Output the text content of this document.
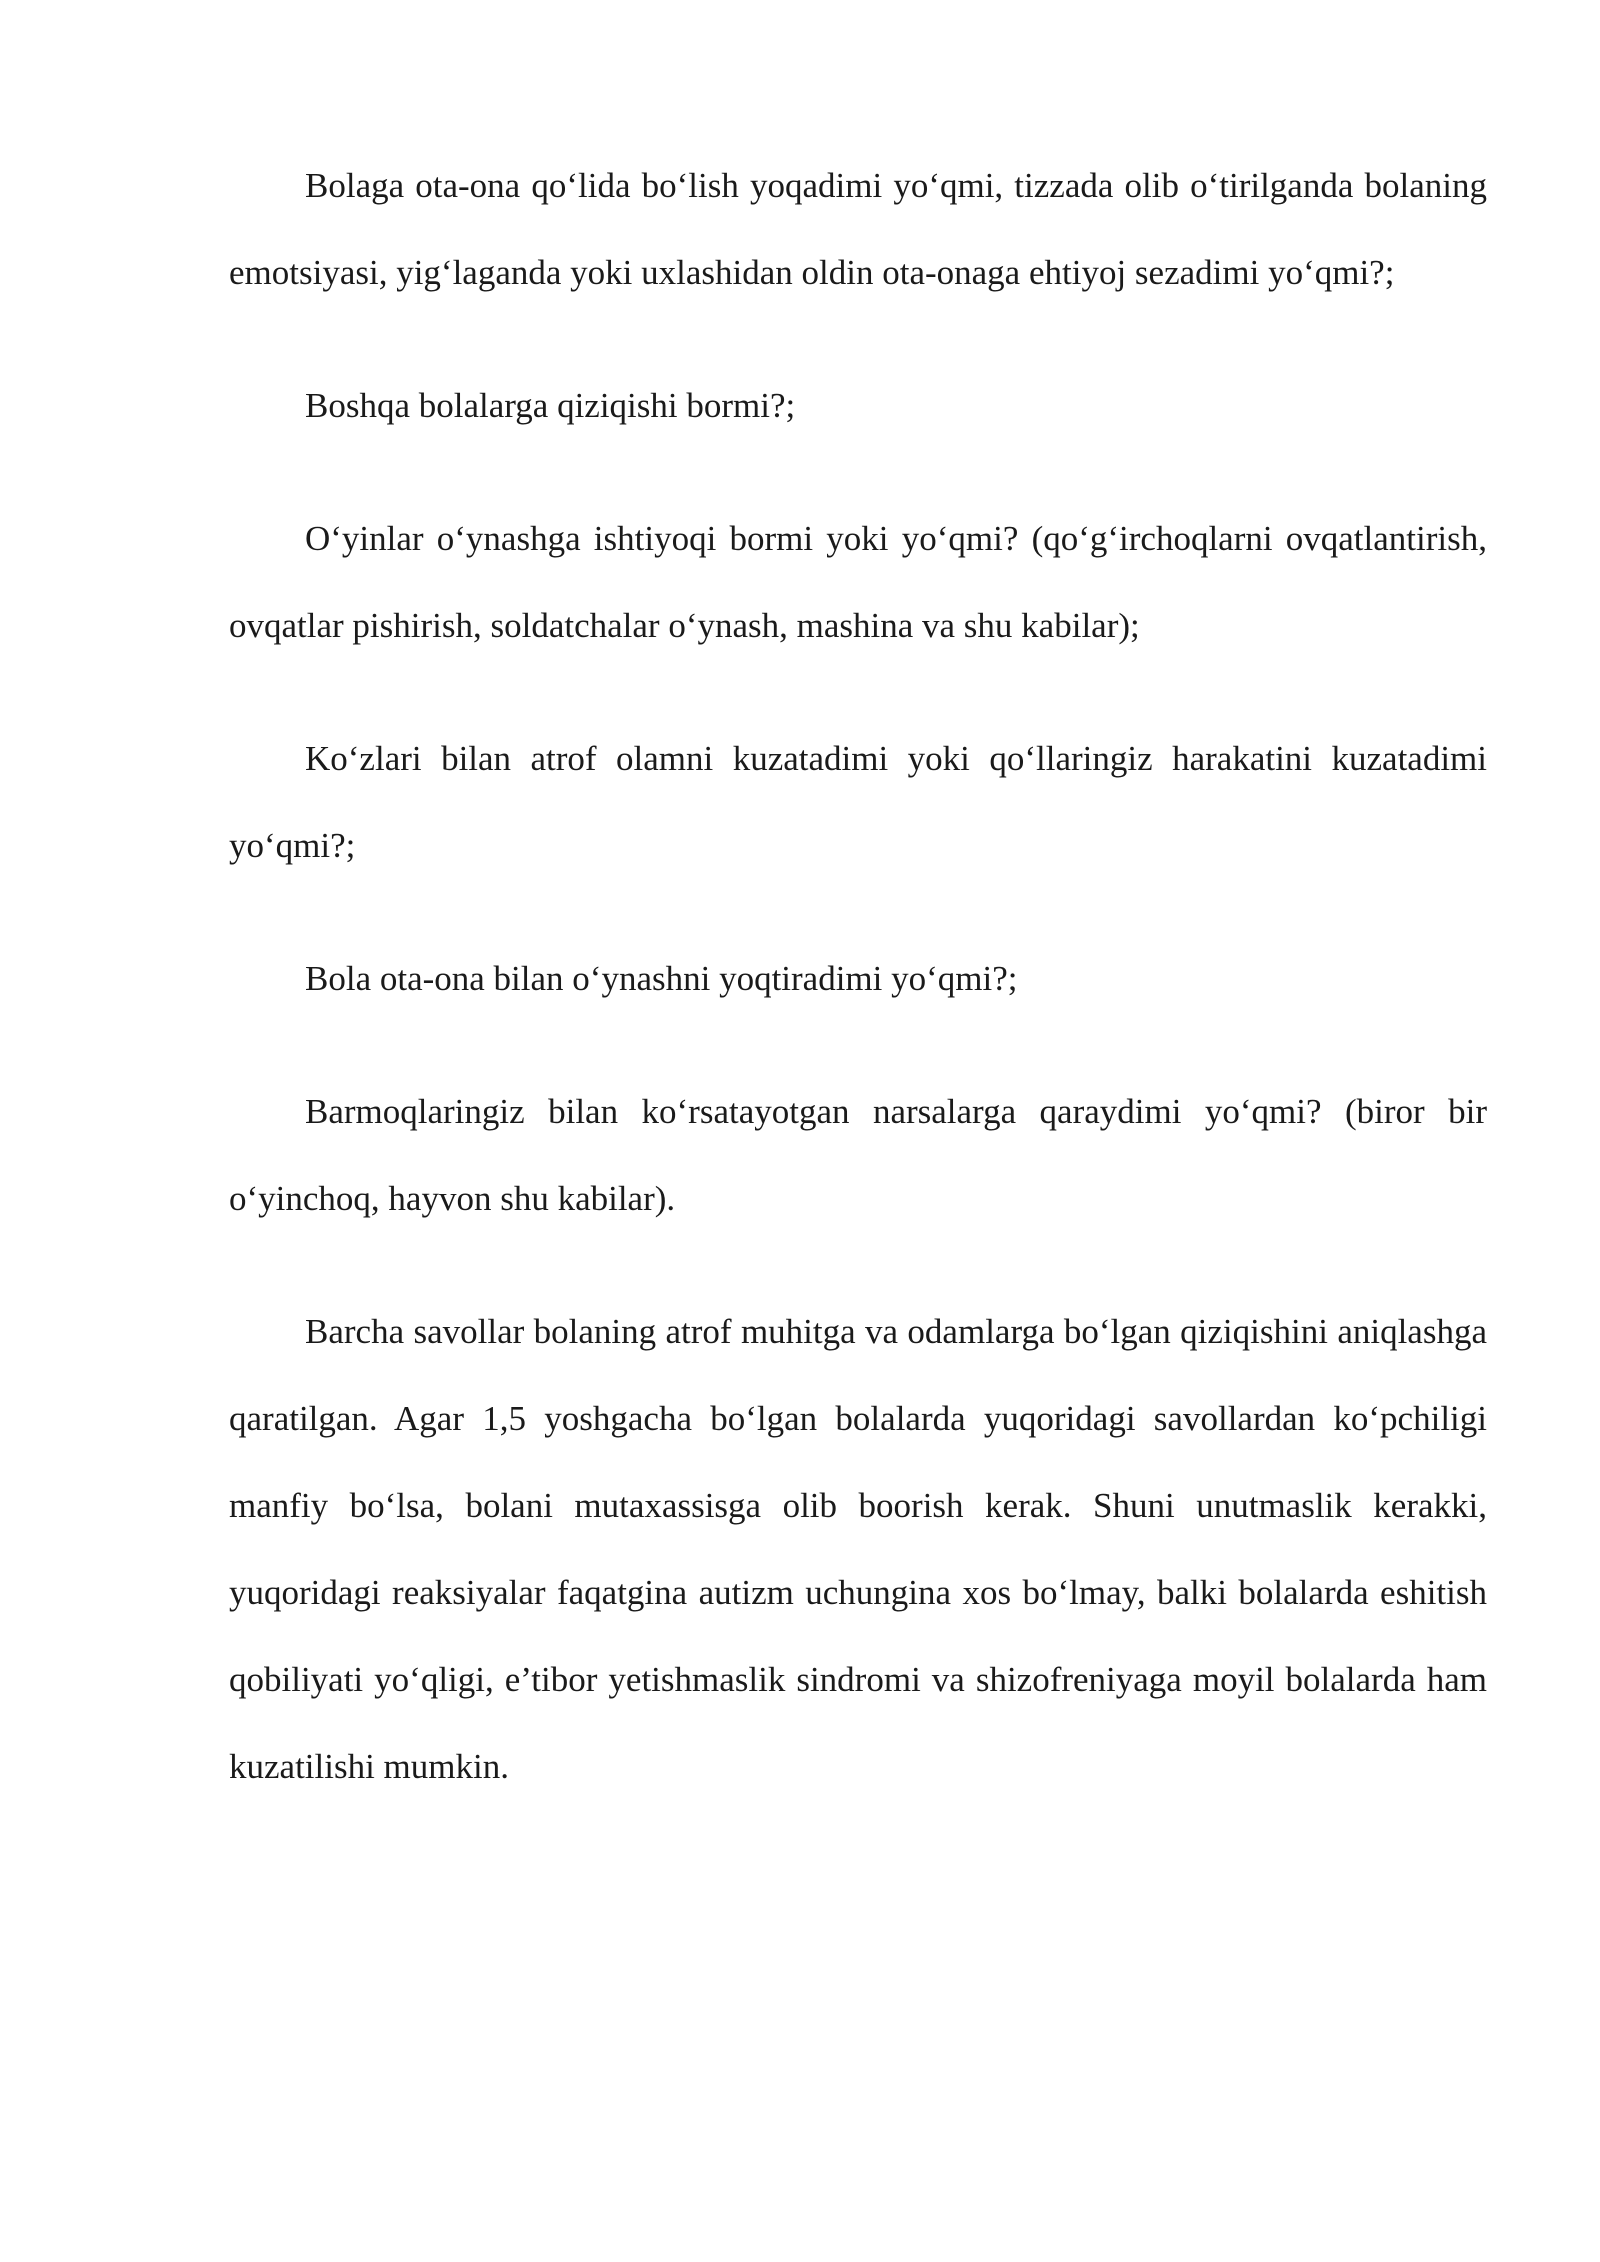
Bolaga ota-ona qo‘lida bo‘lish yoqadimi yo‘qmi, tizzada olib o‘tirilganda bolaning emotsiyasi, yig‘laganda yoki uxlashidan oldin ota-onaga ehtiyoj sezadimi yo‘qmi?;

Boshqa bolalarga qiziqishi bormi?;

O‘yinlar o‘ynashga ishtiyoqi bormi yoki yo‘qmi? (qo‘g‘irchoqlarni ovqatlantirish, ovqatlar pishirish, soldatchalar o‘ynash, mashina va shu kabilar);

Ko‘zlari bilan atrof olamni kuzatadimi yoki qo‘llaringiz harakatini kuzatadimi yo‘qmi?;

Bola ota-ona bilan o‘ynashni yoqtiradimi yo‘qmi?;

Barmoqlaringiz bilan ko‘rsatayotgan narsalarga qaraydimi yo‘qmi? (biror bir o‘yinchoq, hayvon shu kabilar).

Barcha savollar bolaning atrof muhitga va odamlarga bo‘lgan qiziqishini aniqlashga qaratilgan. Agar 1,5 yoshgacha bo‘lgan bolalarda yuqoridagi savollardan ko‘pchiligi manfiy bo‘lsa, bolani mutaxassisga olib boorish kerak. Shuni unutmaslik kerakki, yuqoridagi reaksiyalar faqatgina autizm uchungina xos bo‘lmay, balki bolalarda eshitish qobiliyati yo‘qligi, e’tibor yetishmaslik sindromi va shizofreniyaga moyil bolalarda ham kuzatilishi mumkin.
